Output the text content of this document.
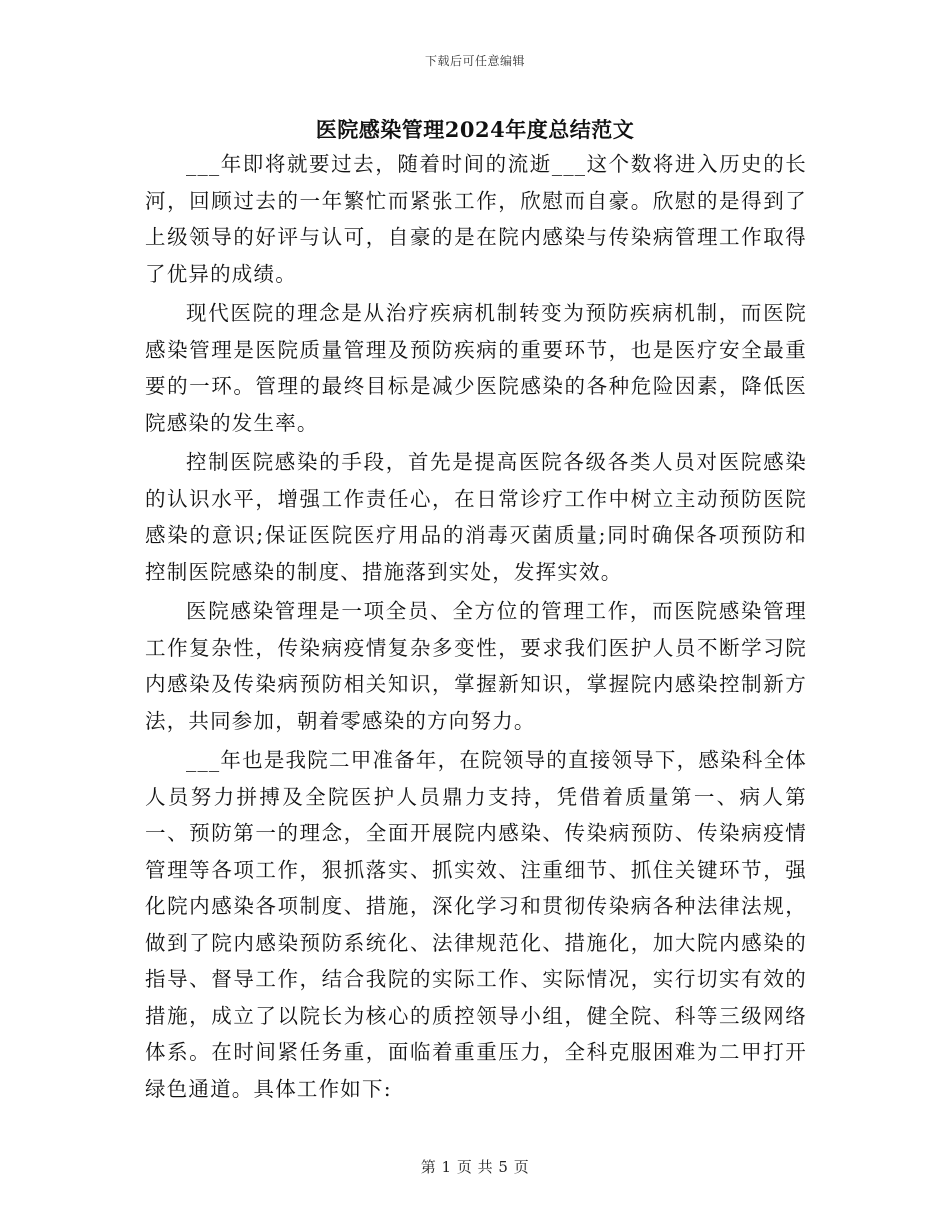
下载后可任意编辑
医院感染管理2024年度总结范文

___年即将就要过去，随着时间的流逝___这个数将进入历史的长河，回顾过去的一年繁忙而紧张工作，欣慰而自豪。欣慰的是得到了上级领导的好评与认可，自豪的是在院内感染与传染病管理工作取得了优异的成绩。

现代医院的理念是从治疗疾病机制转变为预防疾病机制，而医院感染管理是医院质量管理及预防疾病的重要环节，也是医疗安全最重要的一环。管理的最终目标是减少医院感染的各种危险因素，降低医院感染的发生率。

控制医院感染的手段，首先是提高医院各级各类人员对医院感染的认识水平，增强工作责任心，在日常诊疗工作中树立主动预防医院感染的意识;保证医院医疗用品的消毒灭菌质量;同时确保各项预防和控制医院感染的制度、措施落到实处，发挥实效。

医院感染管理是一项全员、全方位的管理工作，而医院感染管理工作复杂性，传染病疫情复杂多变性，要求我们医护人员不断学习院内感染及传染病预防相关知识，掌握新知识，掌握院内感染控制新方法，共同参加，朝着零感染的方向努力。

___年也是我院二甲准备年，在院领导的直接领导下，感染科全体人员努力拼搏及全院医护人员鼎力支持，凭借着质量第一、病人第一、预防第一的理念，全面开展院内感染、传染病预防、传染病疫情管理等各项工作，狠抓落实、抓实效、注重细节、抓住关键环节，强化院内感染各项制度、措施，深化学习和贯彻传染病各种法律法规，做到了院内感染预防系统化、法律规范化、措施化，加大院内感染的指导、督导工作，结合我院的实际工作、实际情况，实行切实有效的措施，成立了以院长为核心的质控领导小组，健全院、科等三级网络体系。在时间紧任务重，面临着重重压力，全科克服困难为二甲打开绿色通道。具体工作如下:

第 1 页 共 5 页
